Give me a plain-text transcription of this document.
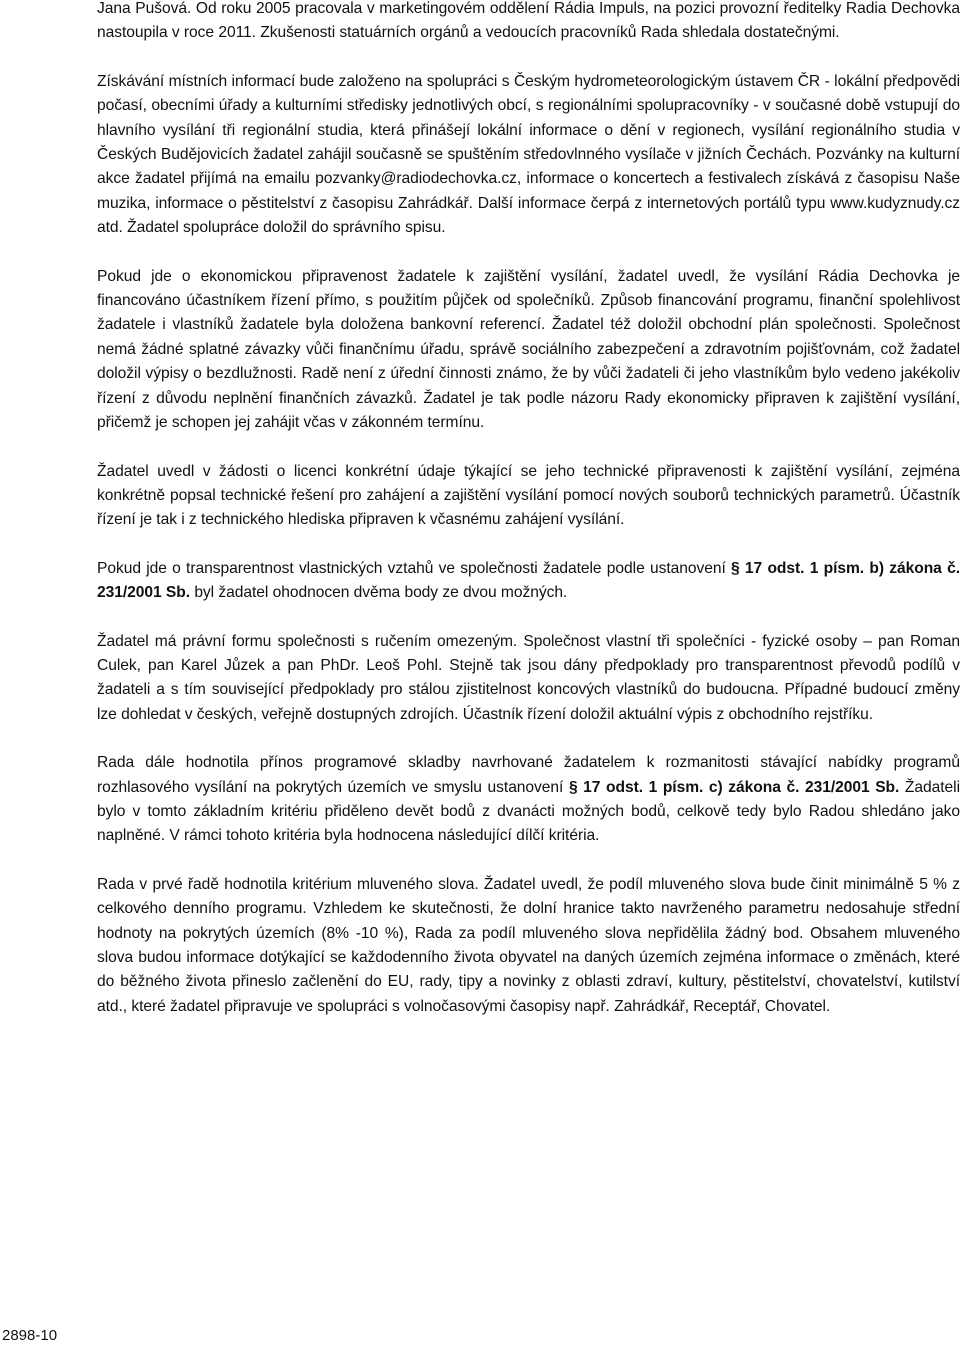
Jana Pušová. Od roku 2005 pracovala v marketingovém oddělení Rádia Impuls, na pozici provozní ředitelky Radia Dechovka nastoupila v roce 2011. Zkušenosti statuárních orgánů a vedoucích pracovníků Rada shledala dostatečnými.

Získávání místních informací bude založeno na spolupráci s Českým hydrometeorologickým ústavem ČR - lokální předpovědi počasí, obecními úřady a kulturními středisky jednotlivých obcí, s regionálními spolupracovníky - v současné době vstupují do hlavního vysílání tři regionální studia, která přinášejí lokální informace o dění v regionech, vysílání regionálního studia v Českých Budějovicích žadatel zahájil současně se spuštěním středovlnného vysílače v jižních Čechách. Pozvánky na kulturní akce žadatel přijímá na emailu pozvanky@radiodechovka.cz, informace o koncertech a festivalech získává z časopisu Naše muzika, informace o pěstitelství z časopisu Zahrádkář. Další informace čerpá z internetových portálů typu www.kudyznudy.cz atd. Žadatel spolupráce doložil do správního spisu.

Pokud jde o ekonomickou připravenost žadatele k zajištění vysílání, žadatel uvedl, že vysílání Rádia Dechovka je financováno účastníkem řízení přímo, s použitím půjček od společníků. Způsob financování programu, finanční spolehlivost žadatele i vlastníků žadatele byla doložena bankovní referencí. Žadatel též doložil obchodní plán společnosti. Společnost nemá žádné splatné závazky vůči finančnímu úřadu, správě sociálního zabezpečení a zdravotním pojišťovnám, což žadatel doložil výpisy o bezdlužnosti. Radě není z úřední činnosti známo, že by vůči žadateli či jeho vlastníkům bylo vedeno jakékoliv řízení z důvodu neplnění finančních závazků. Žadatel je tak podle názoru Rady ekonomicky připraven k zajištění vysílání, přičemž je schopen jej zahájit včas v zákonném termínu.

Žadatel uvedl v žádosti o licenci konkrétní údaje týkající se jeho technické připravenosti k zajištění vysílání, zejména konkrétně popsal technické řešení pro zahájení a zajištění vysílání pomocí nových souborů technických parametrů. Účastník řízení je tak i z technického hlediska připraven k včasnému zahájení vysílání.

Pokud jde o transparentnost vlastnických vztahů ve společnosti žadatele podle ustanovení § 17 odst. 1 písm. b) zákona č. 231/2001 Sb. byl žadatel ohodnocen dvěma body ze dvou možných.

Žadatel má právní formu společnosti s ručením omezeným. Společnost vlastní tři společníci - fyzické osoby – pan Roman Culek, pan Karel Jůzek a pan PhDr. Leoš Pohl. Stejně tak jsou dány předpoklady pro transparentnost převodů podílů v žadateli a s tím související předpoklady pro stálou zjistitelnost koncových vlastníků do budoucna. Případné budoucí změny lze dohledat v českých, veřejně dostupných zdrojích. Účastník řízení doložil aktuální výpis z obchodního rejstříku.

Rada dále hodnotila přínos programové skladby navrhované žadatelem k rozmanitosti stávající nabídky programů rozhlasového vysílání na pokrytých územích ve smyslu ustanovení § 17 odst. 1 písm. c) zákona č. 231/2001 Sb. Žadateli bylo v tomto základním kritériu přiděleno devět bodů z dvanácti možných bodů, celkově tedy bylo Radou shledáno jako naplněné. V rámci tohoto kritéria byla hodnocena následující dílčí kritéria.

Rada v prvé řadě hodnotila kritérium mluveného slova. Žadatel uvedl, že podíl mluveného slova bude činit minimálně 5 % z celkového denního programu. Vzhledem ke skutečnosti, že dolní hranice takto navrženého parametru nedosahuje střední hodnoty na pokrytých územích (8% -10 %), Rada za podíl mluveného slova nepřidělila žádný bod. Obsahem mluveného slova budou informace dotýkající se každodenního života obyvatel na daných územích zejména informace o změnách, které do běžného života přineslo začlenění do EU, rady, tipy a novinky z oblasti zdraví, kultury, pěstitelství, chovatelství, kutilství atd., které žadatel připravuje ve spolupráci s volnočasovými časopisy např. Zahrádkář, Receptář, Chovatel.

2898-10
